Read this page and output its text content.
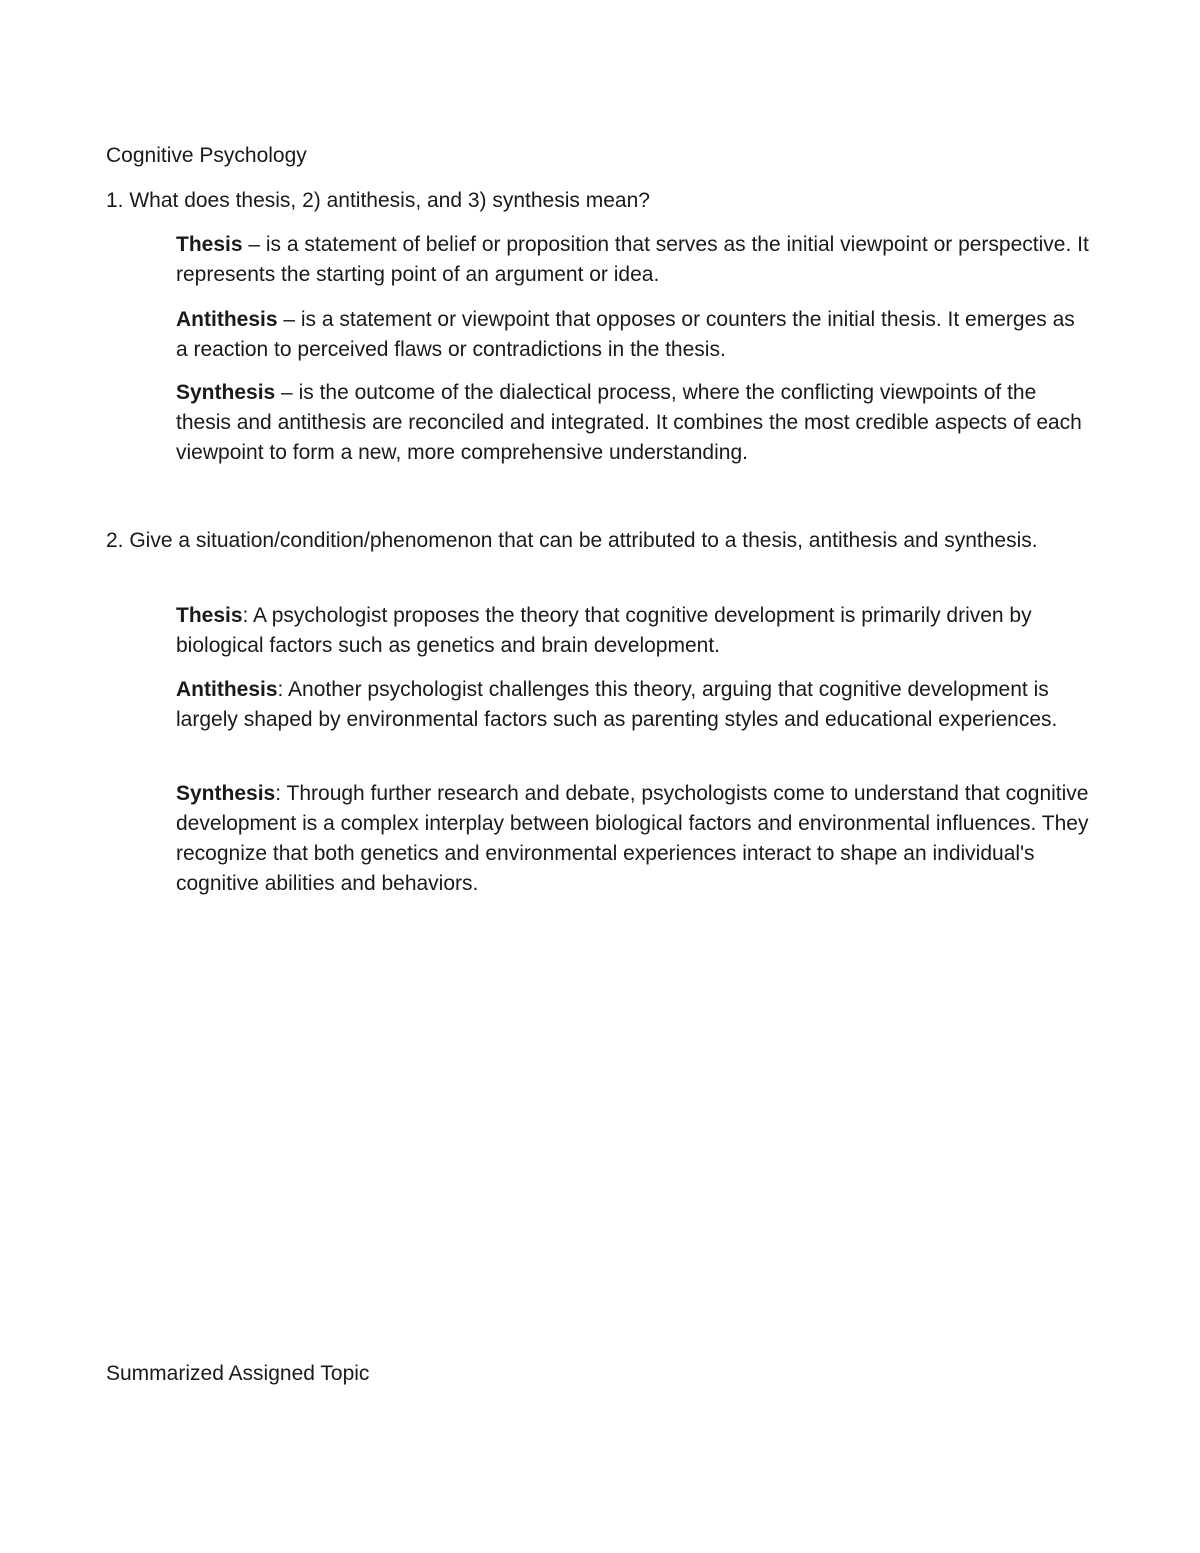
Cognitive Psychology

1. What does thesis, 2) antithesis, and 3) synthesis mean?

Thesis – is a statement of belief or proposition that serves as the initial viewpoint or perspective. It represents the starting point of an argument or idea.

Antithesis – is a statement or viewpoint that opposes or counters the initial thesis. It emerges as a reaction to perceived flaws or contradictions in the thesis.

Synthesis – is the outcome of the dialectical process, where the conflicting viewpoints of the thesis and antithesis are reconciled and integrated. It combines the most credible aspects of each viewpoint to form a new, more comprehensive understanding.

2. Give a situation/condition/phenomenon that can be attributed to a thesis, antithesis and synthesis.

Thesis: A psychologist proposes the theory that cognitive development is primarily driven by biological factors such as genetics and brain development.

Antithesis: Another psychologist challenges this theory, arguing that cognitive development is largely shaped by environmental factors such as parenting styles and educational experiences.

Synthesis: Through further research and debate, psychologists come to understand that cognitive development is a complex interplay between biological factors and environmental influences. They recognize that both genetics and environmental experiences interact to shape an individual's cognitive abilities and behaviors.

Summarized Assigned Topic
